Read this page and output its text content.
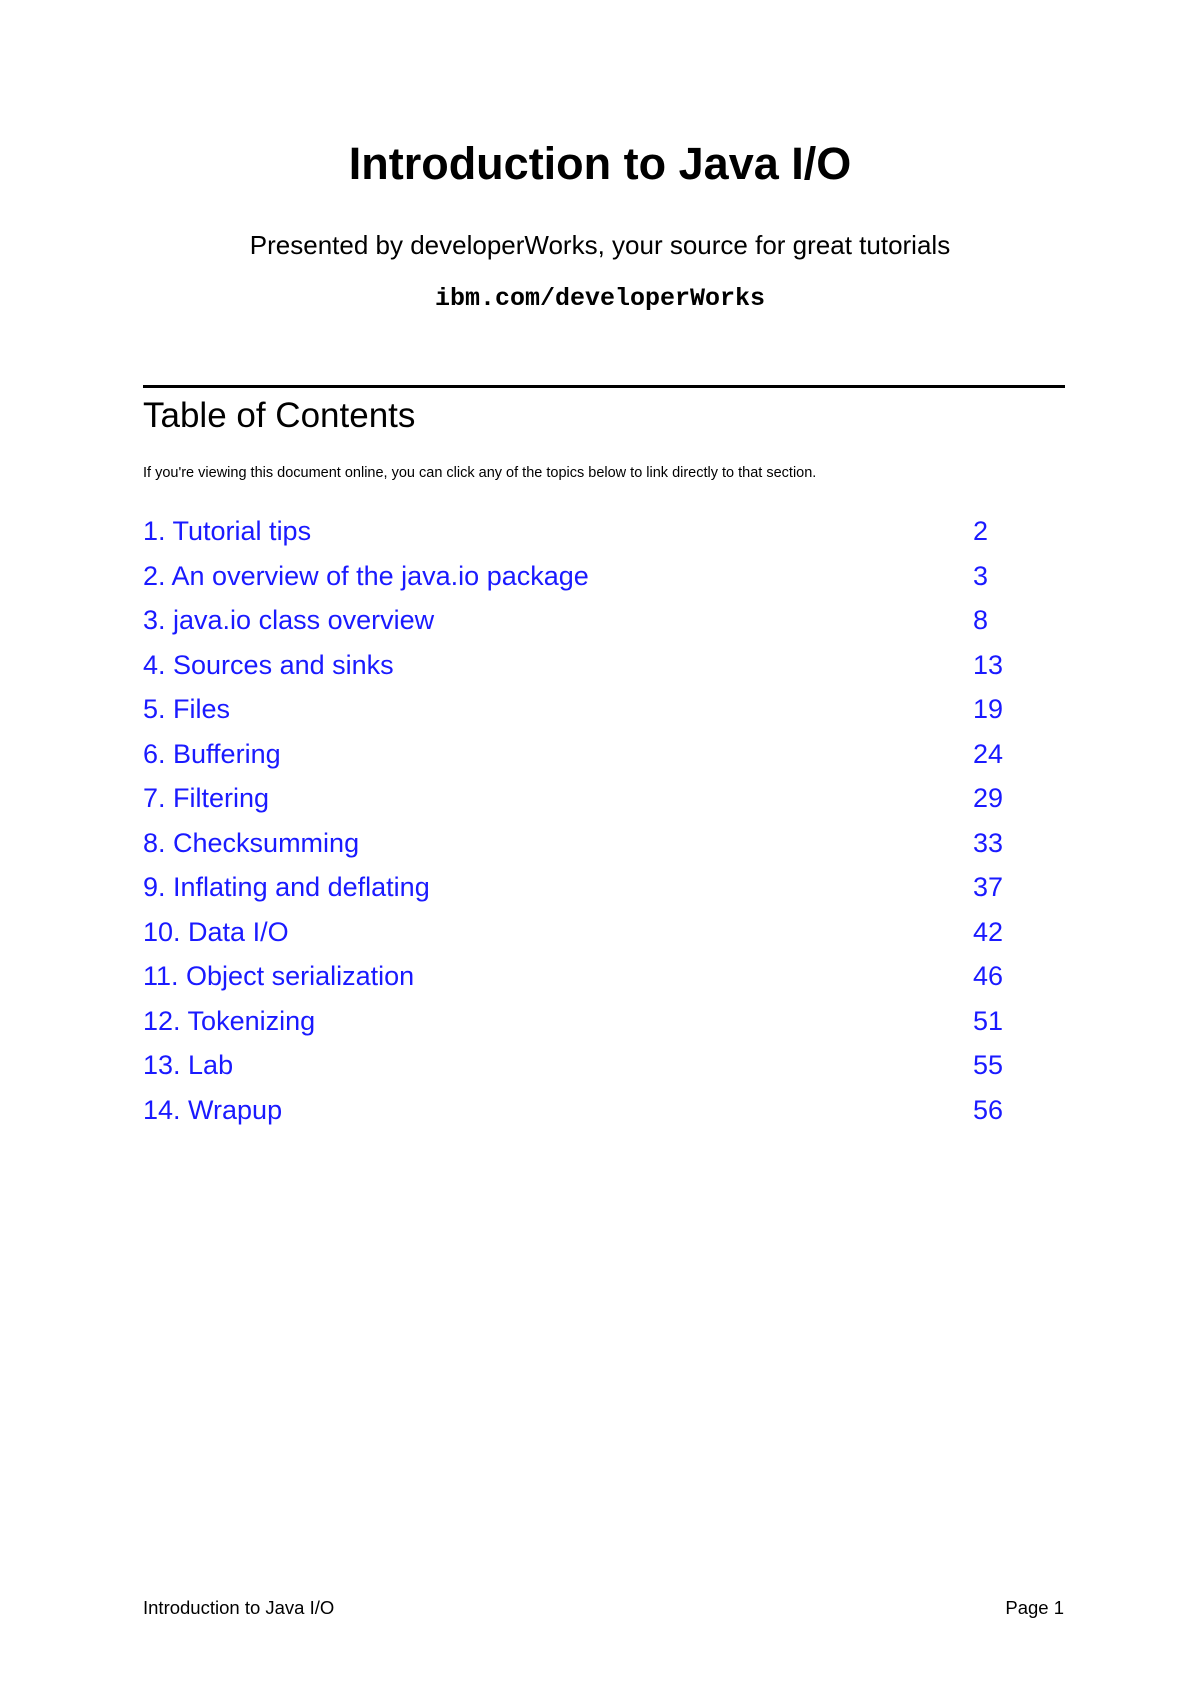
Introduction to Java I/O
Presented by developerWorks, your source for great tutorials
ibm.com/developerWorks
Table of Contents
If you're viewing this document online, you can click any of the topics below to link directly to that section.
1. Tutorial tips	2
2. An overview of the java.io package	3
3. java.io class overview	8
4. Sources and sinks	13
5. Files	19
6. Buffering	24
7. Filtering	29
8. Checksumming	33
9. Inflating and deflating	37
10. Data I/O	42
11. Object serialization	46
12. Tokenizing	51
13. Lab	55
14. Wrapup	56
Introduction to Java I/O	Page 1
